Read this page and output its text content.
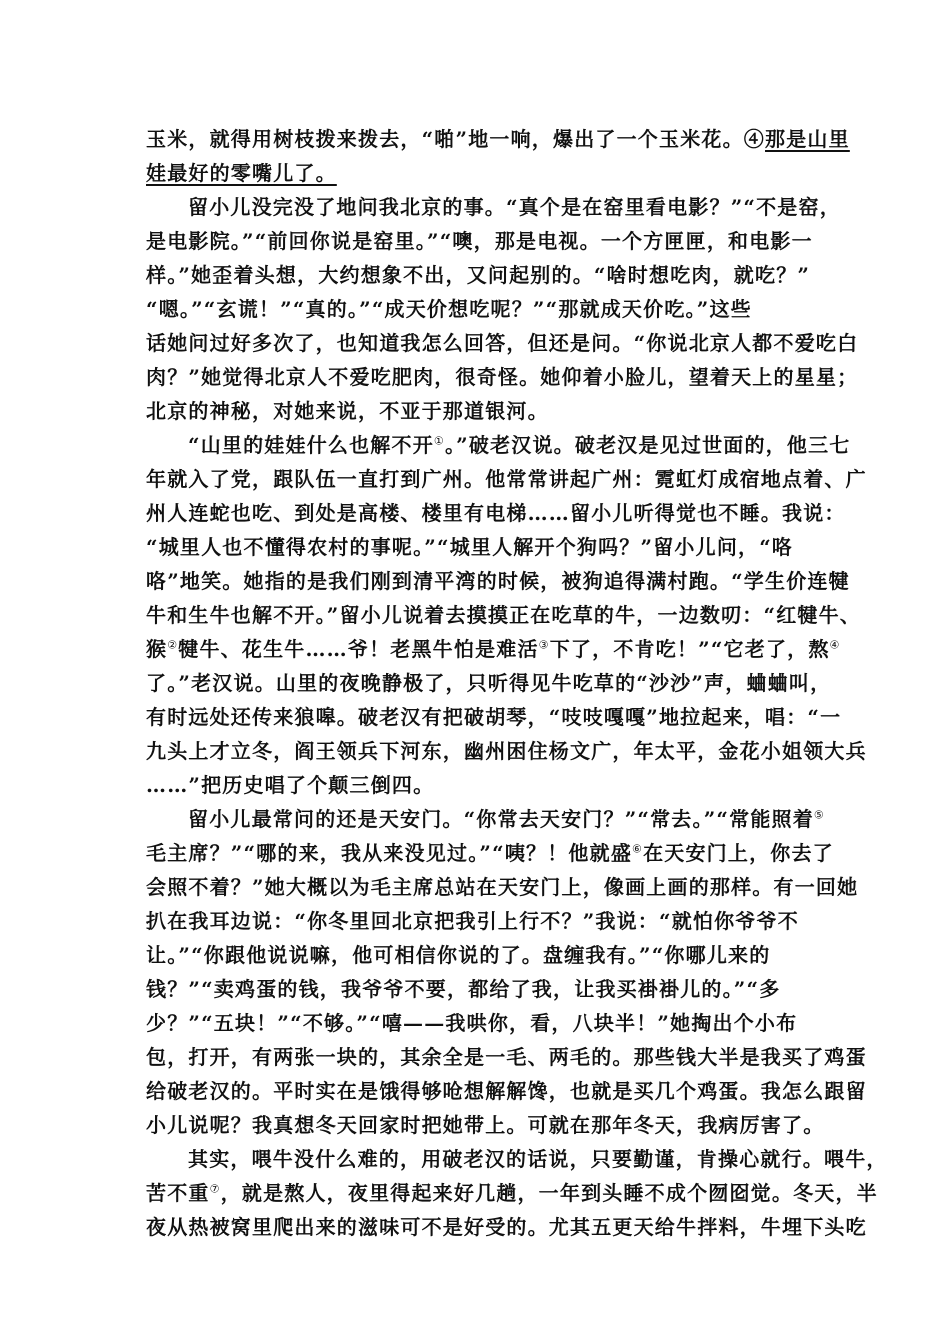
玉米，就得用树枝拨来拨去，“啪”地一响，爆出了一个玉米花。④那是山里
娃最好的零嘴儿了。
留小儿没完没了地问我北京的事。“真个是在窑里看电影？”“不是窑，
是电影院。”“前回你说是窑里。”“噢，那是电视。一个方匣匣，和电影一
样。”她歪着头想，大约想象不出，又问起别的。“啥时想吃肉，就吃？”
“嗯。”“玄谎！”“真的。”“成天价想吃呢？”“那就成天价吃。”这些
话她问过好多次了，也知道我怎么回答，但还是问。“你说北京人都不爱吃白
肉？”她觉得北京人不爱吃肥肉，很奇怪。她仰着小脸儿，望着天上的星星；
北京的神秘，对她来说，不亚于那道银河。
“山里的娃娃什么也解不开①。”破老汉说。破老汉是见过世面的，他三七
年就入了党，跟队伍一直打到广州。他常常讲起广州：霓虹灯成宿地点着、广
州人连蛇也吃、到处是高楼、楼里有电梯……留小儿听得觉也不睡。我说：
“城里人也不懂得农村的事呢。”“城里人解开个狗吗？”留小儿问，“咯
咯”地笑。她指的是我们刚到清平湾的时候，被狗追得满村跑。“学生价连犍
牛和生牛也解不开。”留小儿说着去摸摸正在吃草的牛，一边数叨：“红犍牛、
猴②犍牛、花生牛……爷！老黑牛怕是难活③下了，不肯吃！”“它老了，熬④
了。”老汉说。山里的夜晚静极了，只听得见牛吃草的“沙沙”声，蛐蛐叫，
有时远处还传来狼嗥。破老汉有把破胡琴，“吱吱嘎嘎”地拉起来，唱：“一
九头上才立冬，阎王领兵下河东，幽州困住杨文广，年太平，金花小姐领大兵
……”把历史唱了个颠三倒四。
留小儿最常问的还是天安门。“你常去天安门？”“常去。”“常能照着⑤
毛主席？”“哪的来，我从来没见过。”“咦？！他就盛⑥在天安门上，你去了
会照不着？”她大概以为毛主席总站在天安门上，像画上画的那样。有一回她
扒在我耳边说：“你冬里回北京把我引上行不？”我说：“就怕你爷爷不
让。”“你跟他说说嘛，他可相信你说的了。盘缠我有。”“你哪儿来的
钱？”“卖鸡蛋的钱，我爷爷不要，都给了我，让我买褂褂儿的。”“多
少？”“五块！”“不够。”“嘻——我哄你，看，八块半！”她掏出个小布
包，打开，有两张一块的，其余全是一毛、两毛的。那些钱大半是我买了鸡蛋
给破老汉的。平时实在是饿得够呛想解解馋，也就是买几个鸡蛋。我怎么跟留
小儿说呢？我真想冬天回家时把她带上。可就在那年冬天，我病厉害了。
其实，喂牛没什么难的，用破老汉的话说，只要勤谨，肯操心就行。喂牛，
苦不重⑦，就是熬人，夜里得起来好几趟，一年到头睡不成个囫囵觉。冬天，半
夜从热被窝里爬出来的滋味可不是好受的。尤其五更天给牛拌料，牛埋下头吃
